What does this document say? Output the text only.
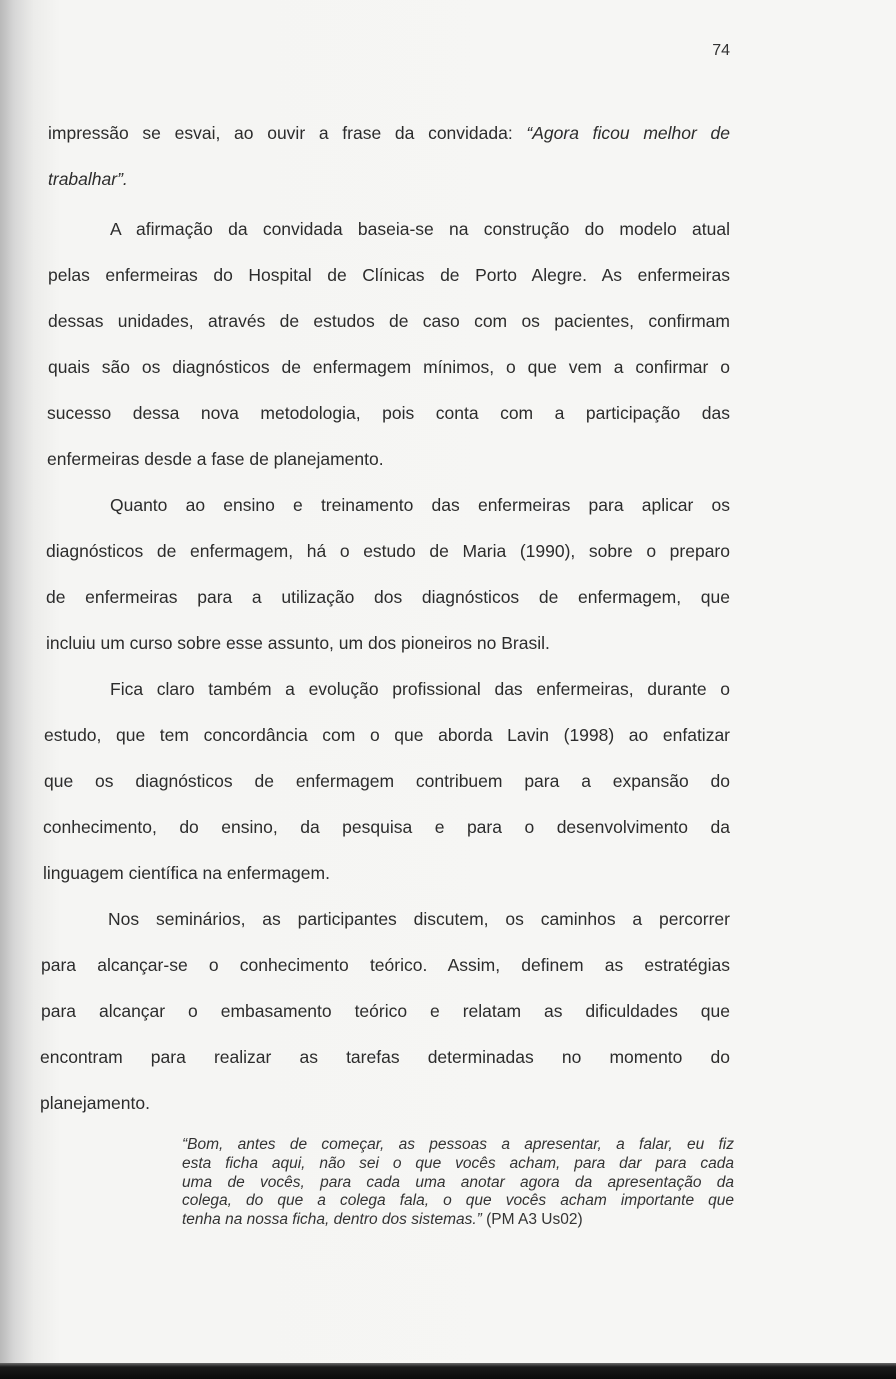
74
impressão se esvai, ao ouvir a frase da convidada: “Agora ficou melhor de
trabalhar”.
A afirmação da convidada baseia-se na construção do modelo atual
pelas enfermeiras do Hospital de Clínicas de Porto Alegre. As enfermeiras
dessas unidades, através de estudos de caso com os pacientes, confirmam
quais são os diagnósticos de enfermagem mínimos, o que vem a confirmar o
sucesso dessa nova metodologia, pois conta com a participação das
enfermeiras desde a fase de planejamento.
Quanto ao ensino e treinamento das enfermeiras para aplicar os
diagnósticos de enfermagem, há o estudo de Maria (1990), sobre o preparo
de enfermeiras para a utilização dos diagnósticos de enfermagem, que
incluiu um curso sobre esse assunto, um dos pioneiros no Brasil.
Fica claro também a evolução profissional das enfermeiras, durante o
estudo, que tem concordância com o que aborda Lavin (1998) ao enfatizar
que os diagnósticos de enfermagem contribuem para a expansão do
conhecimento, do ensino, da pesquisa e para o desenvolvimento da
linguagem científica na enfermagem.
Nos seminários, as participantes discutem, os caminhos a percorrer
para alcançar-se o conhecimento teórico. Assim, definem as estratégias
para alcançar o embasamento teórico e relatam as dificuldades que
encontram para realizar as tarefas determinadas no momento do
planejamento.
“Bom, antes de começar, as pessoas a apresentar, a falar, eu fiz
esta ficha aqui, não sei o que vocês acham, para dar para cada
uma de vocês, para cada uma anotar agora da apresentação da
colega, do que a colega fala, o que vocês acham importante que
tenha na nossa ficha, dentro dos sistemas.” (PM A3 Us02)
